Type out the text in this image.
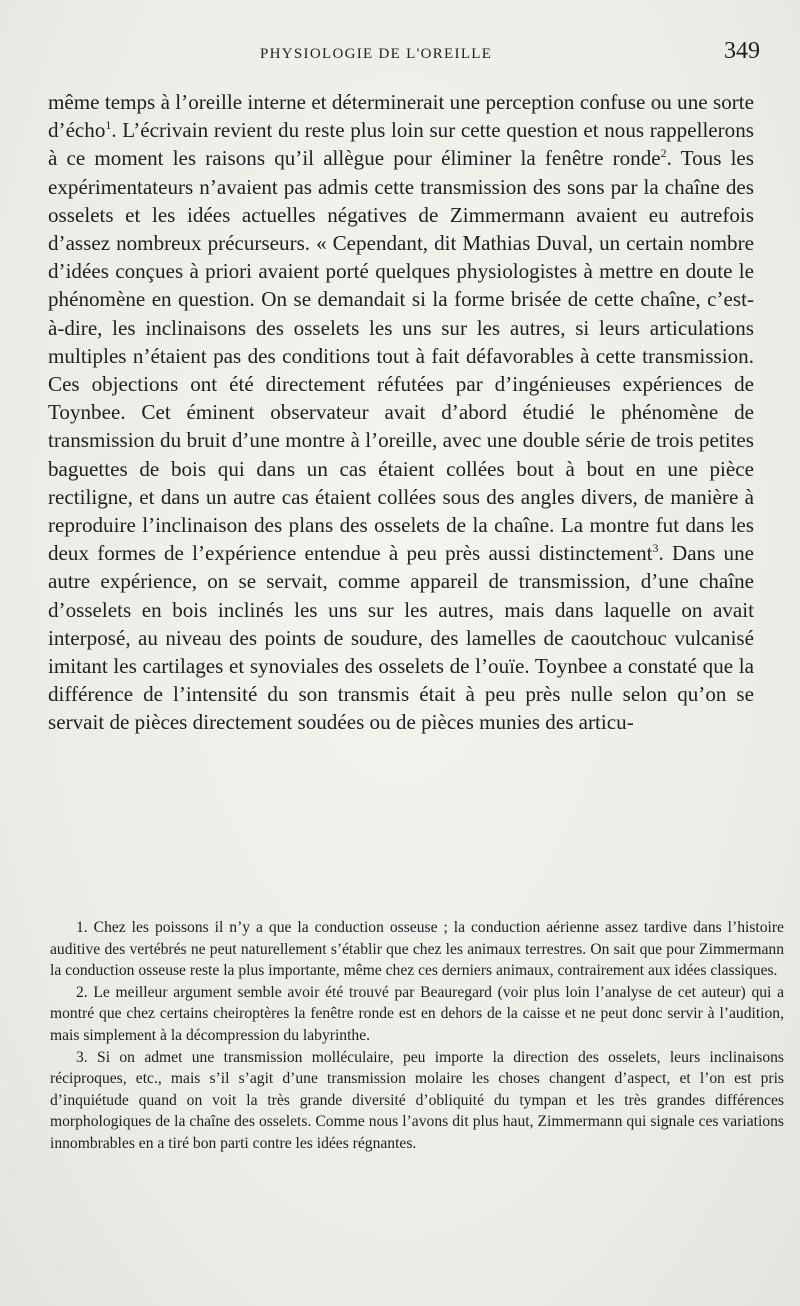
PHYSIOLOGIE DE L'OREILLE	349

même temps à l’oreille interne et déterminerait une perception confuse ou une sorte d’écho$^1$. L’écrivain revient du reste plus loin sur cette question et nous rappellerons à ce moment les raisons qu’il allègue pour éliminer la fenêtre ronde$^2$. Tous les expérimentateurs n’avaient pas admis cette transmission des sons par la chaîne des osselets et les idées actuelles négatives de Zimmermann avaient eu autrefois d’assez nombreux précurseurs. « Cependant, dit Mathias Duval, un certain nombre d’idées conçues à priori avaient porté quelques physiologistes à mettre en doute le phénomène en question. On se demandait si la forme brisée de cette chaîne, c’est-à-dire, les inclinaisons des osselets les uns sur les autres, si leurs articulations multiples n’étaient pas des conditions tout à fait défavorables à cette transmission. Ces objections ont été directement réfutées par d’ingénieuses expériences de Toynbee. Cet éminent observateur avait d’abord étudié le phénomène de transmission du bruit d’une montre à l’oreille, avec une double série de trois petites baguettes de bois qui dans un cas étaient collées bout à bout en une pièce rectiligne, et dans un autre cas étaient collées sous des angles divers, de manière à reproduire l’inclinaison des plans des osselets de la chaîne. La montre fut dans les deux formes de l’expérience entendue à peu près aussi distinctement$^3$. Dans une autre expérience, on se servait, comme appareil de transmission, d’une chaîne d’osselets en bois inclinés les uns sur les autres, mais dans laquelle on avait interposé, au niveau des points de soudure, des lamelles de caoutchouc vulcanisé imitant les cartilages et synoviales des osselets de l’ouïe. Toynbee a constaté que la différence de l’intensité du son transmis était à peu près nulle selon qu’on se servait de pièces directement soudées ou de pièces munies des articu-

1. Chez les poissons il n’y a que la conduction osseuse ; la conduction aérienne assez tardive dans l’histoire auditive des vertébrés ne peut naturellement s’établir que chez les animaux terrestres. On sait que pour Zimmermann la conduction osseuse reste la plus importante, même chez ces derniers animaux, contrairement aux idées classiques.

2. Le meilleur argument semble avoir été trouvé par Beauregard (voir plus loin l’analyse de cet auteur) qui a montré que chez certains cheiroptères la fenêtre ronde est en dehors de la caisse et ne peut donc servir à l’audition, mais simplement à la décompression du labyrinthe.

3. Si on admet une transmission molléculaire, peu importe la direction des osselets, leurs inclinaisons réciproques, etc., mais s’il s’agit d’une transmission molaire les choses changent d’aspect, et l’on est pris d’inquiétude quand on voit la très grande diversité d’obliquité du tympan et les très grandes différences morphologiques de la chaîne des osselets. Comme nous l’avons dit plus haut, Zimmermann qui signale ces variations innombrables en a tiré bon parti contre les idées régnantes.
